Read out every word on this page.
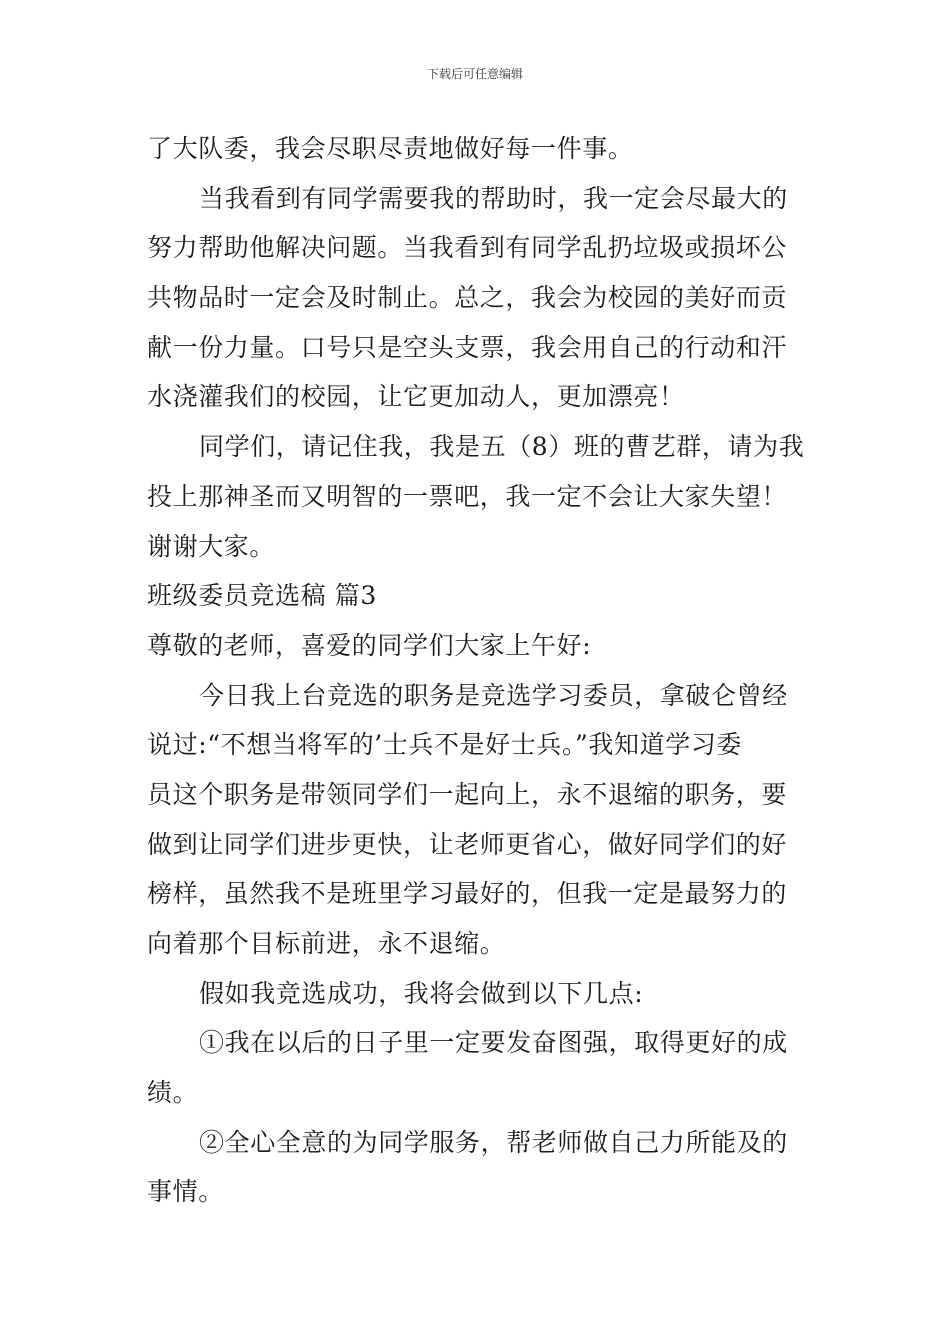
下载后可任意编辑
了大队委，我会尽职尽责地做好每一件事。
当我看到有同学需要我的帮助时，我一定会尽最大的
努力帮助他解决问题。当我看到有同学乱扔垃圾或损坏公
共物品时一定会及时制止。总之，我会为校园的美好而贡
献一份力量。口号只是空头支票，我会用自己的行动和汗
水浇灌我们的校园，让它更加动人，更加漂亮！
同学们，请记住我，我是五（8）班的曹艺群，请为我
投上那神圣而又明智的一票吧，我一定不会让大家失望！
谢谢大家。
班级委员竞选稿 篇3
尊敬的老师，喜爱的同学们大家上午好:
今日我上台竞选的职务是竞选学习委员，拿破仑曾经
说过:“不想当将军的’士兵不是好士兵。”我知道学习委
员这个职务是带领同学们一起向上，永不退缩的职务，要
做到让同学们进步更快，让老师更省心，做好同学们的好
榜样，虽然我不是班里学习最好的，但我一定是最努力的
向着那个目标前进，永不退缩。
假如我竞选成功，我将会做到以下几点:
①我在以后的日子里一定要发奋图强，取得更好的成
绩。
②全心全意的为同学服务，帮老师做自己力所能及的
事情。
